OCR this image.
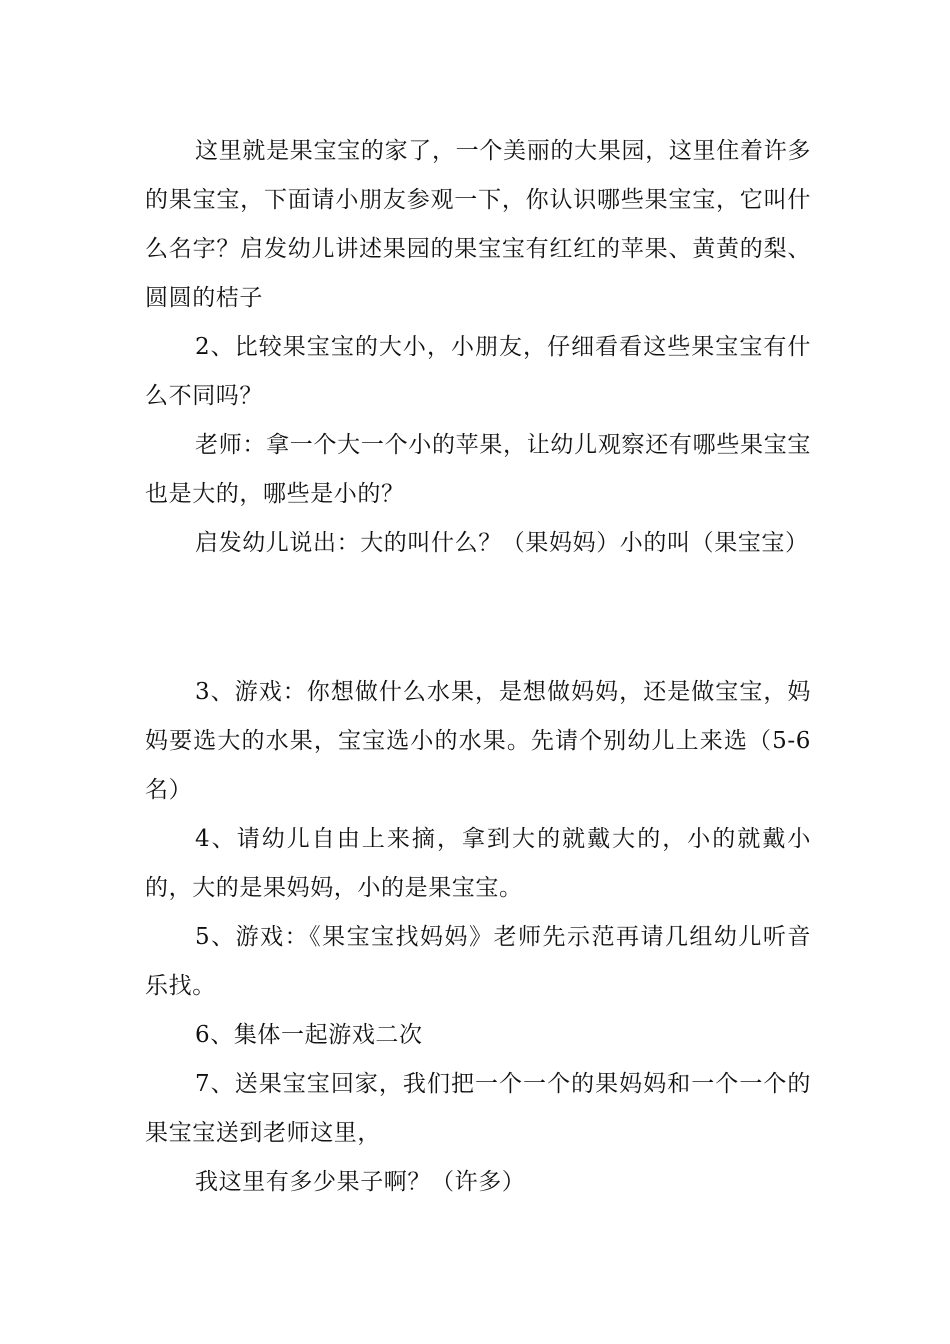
这里就是果宝宝的家了，一个美丽的大果园，这里住着许多的果宝宝，下面请小朋友参观一下，你认识哪些果宝宝，它叫什么名字？启发幼儿讲述果园的果宝宝有红红的苹果、黄黄的梨、圆圆的桔子

2、比较果宝宝的大小，小朋友，仔细看看这些果宝宝有什么不同吗？

老师：拿一个大一个小的苹果，让幼儿观察还有哪些果宝宝也是大的，哪些是小的？

启发幼儿说出：大的叫什么？（果妈妈）小的叫（果宝宝）

3、游戏：你想做什么水果，是想做妈妈，还是做宝宝，妈妈要选大的水果，宝宝选小的水果。先请个别幼儿上来选（5-6名）

4、请幼儿自由上来摘，拿到大的就戴大的，小的就戴小的，大的是果妈妈，小的是果宝宝。

5、游戏：《果宝宝找妈妈》老师先示范再请几组幼儿听音乐找。

6、集体一起游戏二次

7、送果宝宝回家，我们把一个一个的果妈妈和一个一个的果宝宝送到老师这里，

我这里有多少果子啊？（许多）
